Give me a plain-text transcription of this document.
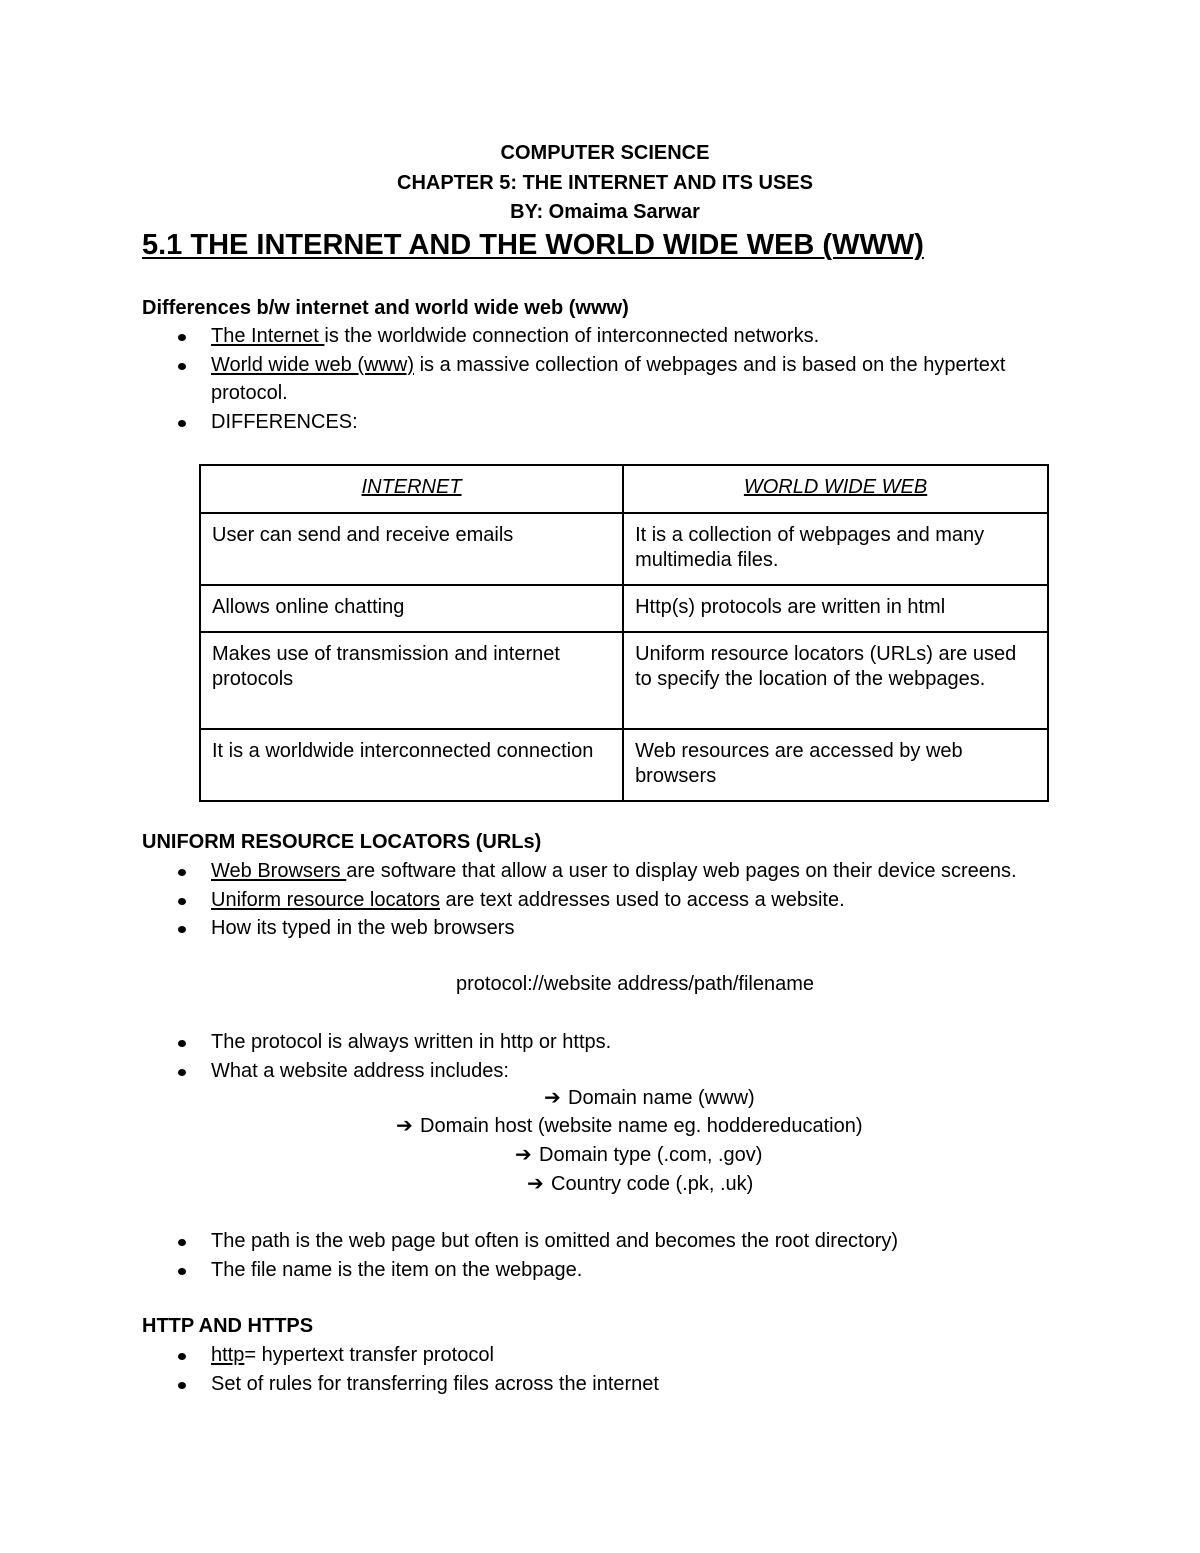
COMPUTER SCIENCE
CHAPTER 5: THE INTERNET AND ITS USES
BY: Omaima Sarwar
5.1 THE INTERNET AND THE WORLD WIDE WEB (WWW)
Differences b/w internet and world wide web (www)
The Internet is the worldwide connection of interconnected networks.
World wide web (www) is a massive collection of webpages and is based on the hypertext protocol.
DIFFERENCES:
INTERNET	WORLD WIDE WEB
User can send and receive emails	It is a collection of webpages and many multimedia files.
Allows online chatting	Http(s) protocols are written in html
Makes use of transmission and internet protocols	Uniform resource locators (URLs) are used to specify the location of the webpages.
It is a worldwide interconnected connection	Web resources are accessed by web browsers
UNIFORM RESOURCE LOCATORS (URLs)
Web Browsers are software that allow a user to display web pages on their device screens.
Uniform resource locators are text addresses used to access a website.
How its typed in the web browsers
protocol://website address/path/filename
The protocol is always written in http or https.
What a website address includes:
➔ Domain name (www)
➔ Domain host (website name eg. hoddereducation)
➔ Domain type (.com, .gov)
➔ Country code (.pk, .uk)
The path is the web page but often is omitted and becomes the root directory)
The file name is the item on the webpage.
HTTP AND HTTPS
http= hypertext transfer protocol
Set of rules for transferring files across the internet
